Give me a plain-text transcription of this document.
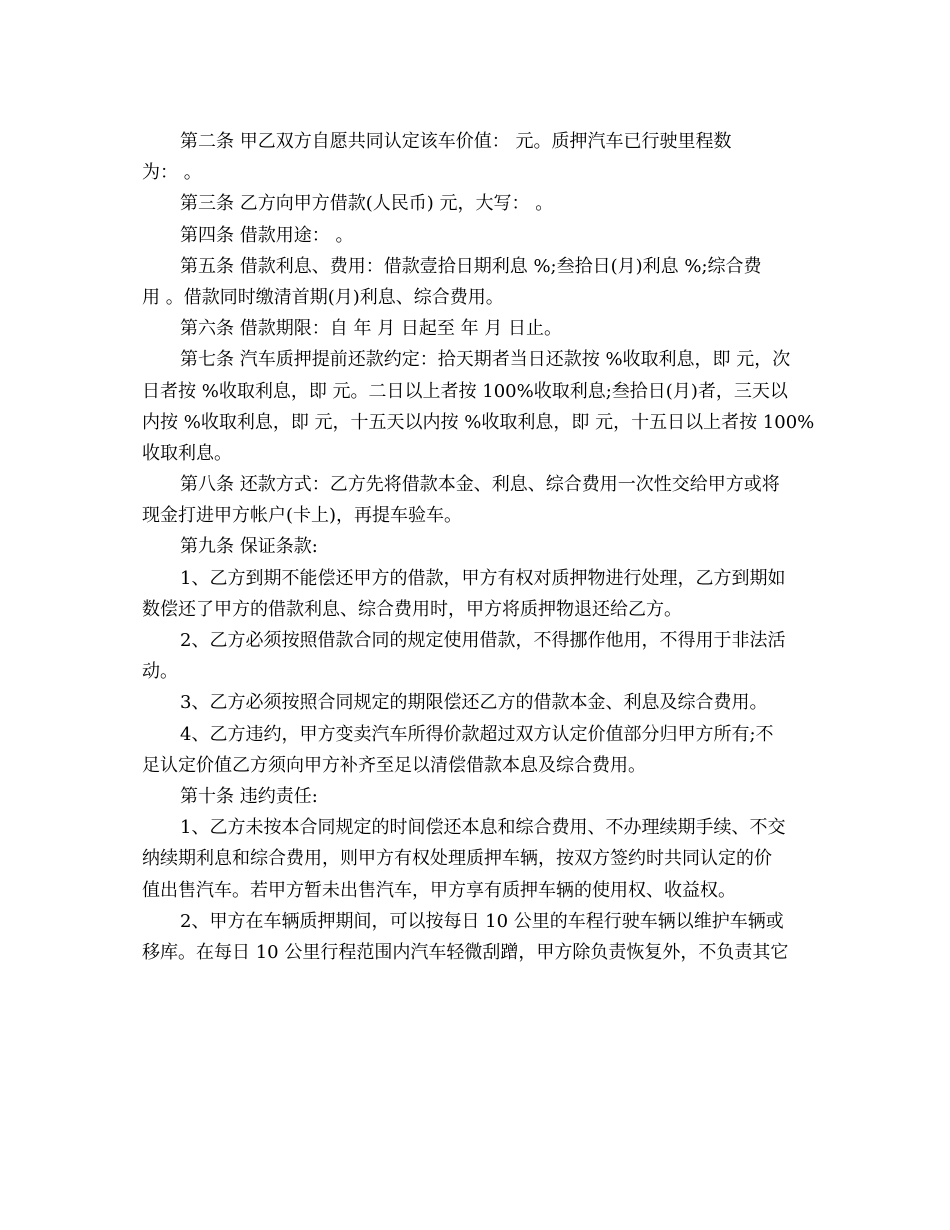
第二条 甲乙双方自愿共同认定该车价值： 元。质押汽车已行驶里程数
为： 。

第三条 乙方向甲方借款(人民币) 元，大写： 。

第四条 借款用途： 。

第五条 借款利息、费用：借款壹拾日期利息 %;叁拾日(月)利息 %;综合费
用 。借款同时缴清首期(月)利息、综合费用。

第六条 借款期限：自 年 月 日起至 年 月 日止。

第七条 汽车质押提前还款约定：拾天期者当日还款按 %收取利息，即 元，次
日者按 %收取利息，即 元。二日以上者按 100%收取利息;叁拾日(月)者，三天以
内按 %收取利息，即 元，十五天以内按 %收取利息，即 元，十五日以上者按 100%
收取利息。

第八条 还款方式：乙方先将借款本金、利息、综合费用一次性交给甲方或将
现金打进甲方帐户(卡上)，再提车验车。

第九条 保证条款:

1、乙方到期不能偿还甲方的借款，甲方有权对质押物进行处理，乙方到期如
数偿还了甲方的借款利息、综合费用时，甲方将质押物退还给乙方。

2、乙方必须按照借款合同的规定使用借款，不得挪作他用，不得用于非法活
动。

3、乙方必须按照合同规定的期限偿还乙方的借款本金、利息及综合费用。

4、乙方违约，甲方变卖汽车所得价款超过双方认定价值部分归甲方所有;不
足认定价值乙方须向甲方补齐至足以清偿借款本息及综合费用。

第十条 违约责任:

1、乙方未按本合同规定的时间偿还本息和综合费用、不办理续期手续、不交
纳续期利息和综合费用，则甲方有权处理质押车辆，按双方签约时共同认定的价
值出售汽车。若甲方暂未出售汽车，甲方享有质押车辆的使用权、收益权。

2、甲方在车辆质押期间，可以按每日 10 公里的车程行驶车辆以维护车辆或
移库。在每日 10 公里行程范围内汽车轻微刮蹭，甲方除负责恢复外，不负责其它
